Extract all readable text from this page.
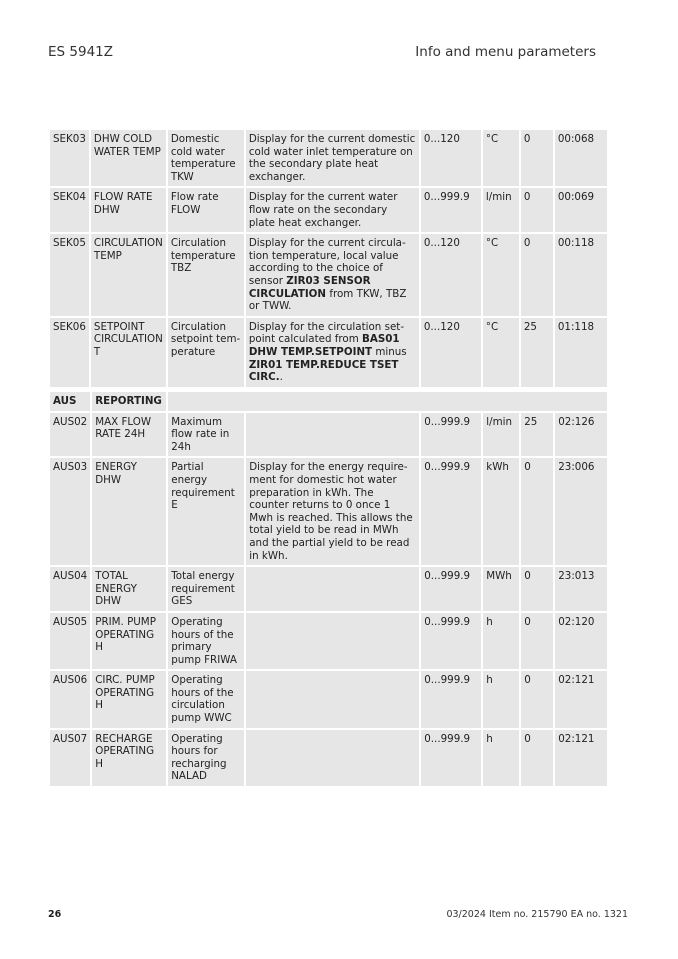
ES 5941Z	Info and menu parameters
SEK03	DHW COLD WATER TEMP	Domestic cold water temperature TKW	Display for the current domestic cold water inlet temperature on the secondary plate heat exchanger.	0...120	°C	0	00:068
SEK04	FLOW RATE DHW	Flow rate FLOW	Display for the current water flow rate on the secondary plate heat exchanger.	0...999.9	l/min	0	00:069
SEK05	CIRCULATION TEMP	Circulation temperature TBZ	Display for the current circulation temperature, local value according to the choice of sensor ZIR03 SENSOR CIRCULATION from TKW, TBZ or TWW.	0...120	°C	0	00:118
SEK06	SETPOINT CIRCULATION T	Circulation setpoint temperature	Display for the circulation setpoint calculated from BAS01 DHW TEMP.SETPOINT minus ZIR01 TEMP.REDUCE TSET CIRC..	0...120	°C	25	01:118
AUS	REPORTING						
AUS02	MAX FLOW RATE 24H	Maximum flow rate in 24h		0...999.9	l/min	25	02:126
AUS03	ENERGY DHW	Partial energy requirement E	Display for the energy requirement for domestic hot water preparation in kWh. The counter returns to 0 once 1 Mwh is reached. This allows the total yield to be read in MWh and the partial yield to be read in kWh.	0...999.9	kWh	0	23:006
AUS04	TOTAL ENERGY DHW	Total energy requirement GES		0...999.9	MWh	0	23:013
AUS05	PRIM. PUMP OPERATING H	Operating hours of the primary pump FRIWA		0...999.9	h	0	02:120
AUS06	CIRC. PUMP OPERATING H	Operating hours of the circulation pump WWC		0...999.9	h	0	02:121
AUS07	RECHARGE OPERATING H	Operating hours for recharging NALAD		0...999.9	h	0	02:121
26	03/2024 Item no. 215790 EA no. 1321
